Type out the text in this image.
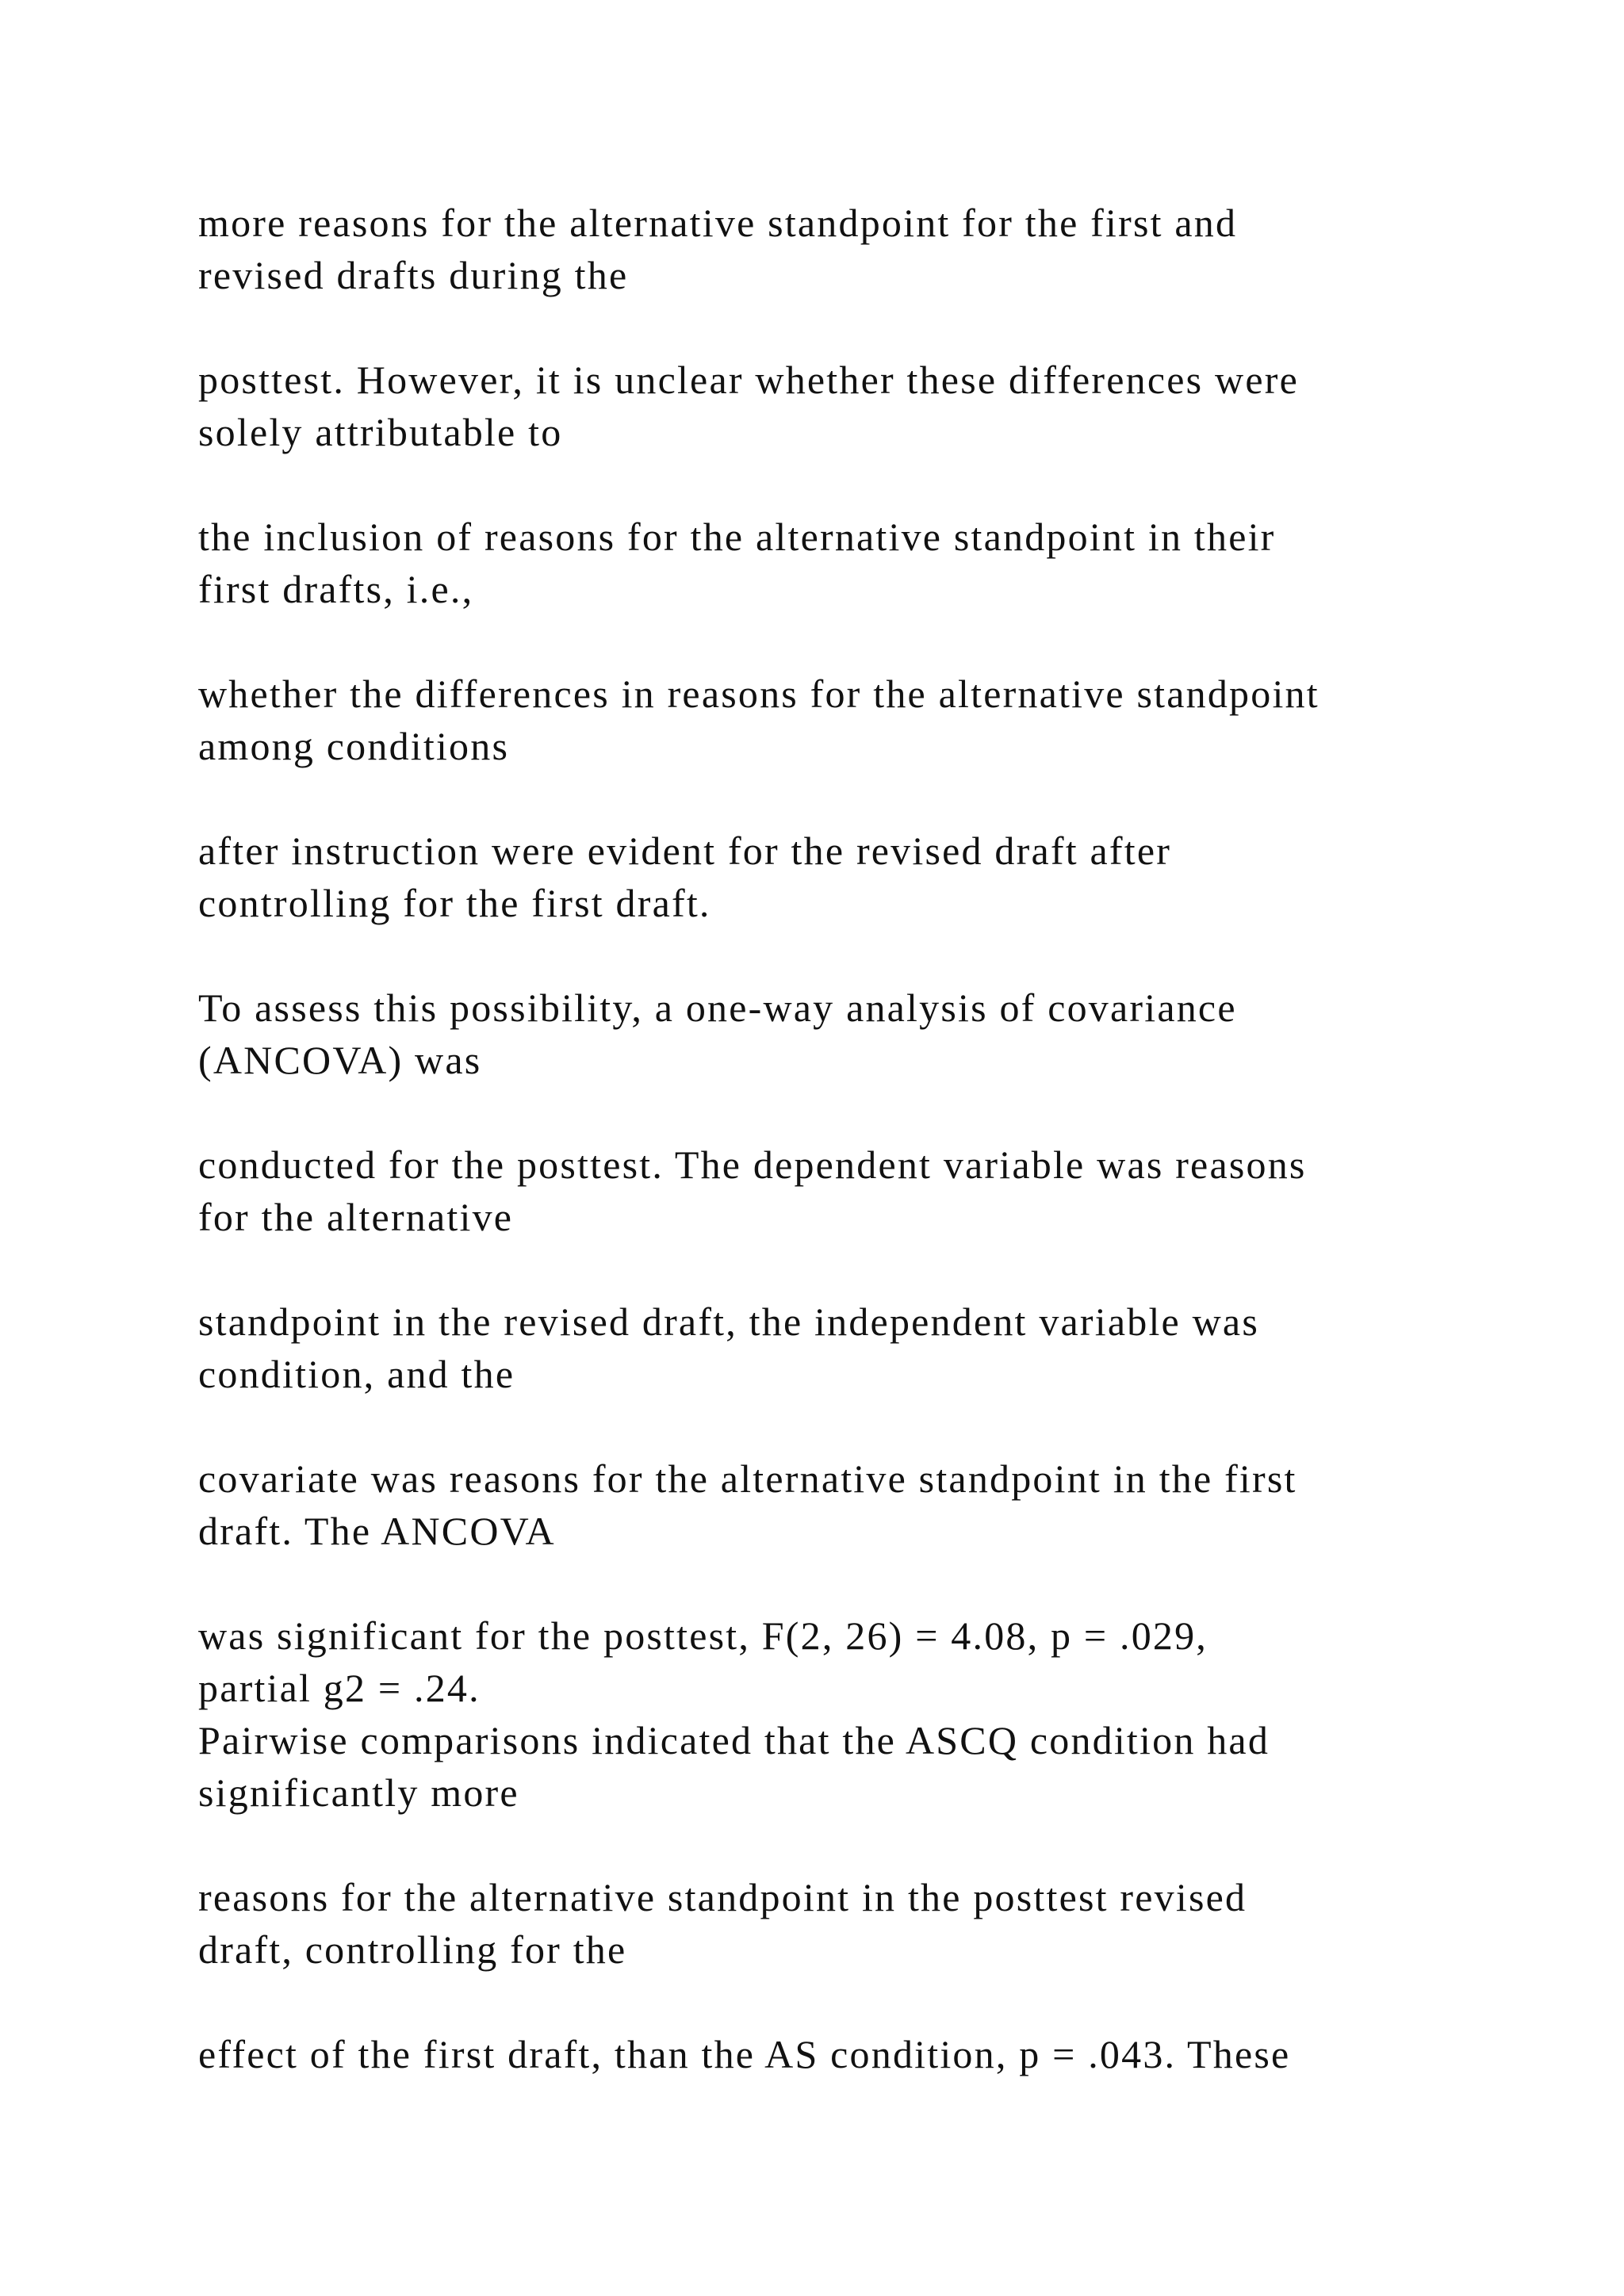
more reasons for the alternative standpoint for the first and
revised drafts during the

posttest. However, it is unclear whether these differences were
solely attributable to

the inclusion of reasons for the alternative standpoint in their
first drafts, i.e.,

whether the differences in reasons for the alternative standpoint
among conditions

after instruction were evident for the revised draft after
controlling for the first draft.

To assess this possibility, a one-way analysis of covariance
(ANCOVA) was

conducted for the posttest. The dependent variable was reasons
for the alternative

standpoint in the revised draft, the independent variable was
condition, and the

covariate was reasons for the alternative standpoint in the first
draft. The ANCOVA

was significant for the posttest, F(2, 26) = 4.08, p = .029,
partial g2 = .24.

Pairwise comparisons indicated that the ASCQ condition had
significantly more

reasons for the alternative standpoint in the posttest revised
draft, controlling for the

effect of the first draft, than the AS condition, p = .043. These
